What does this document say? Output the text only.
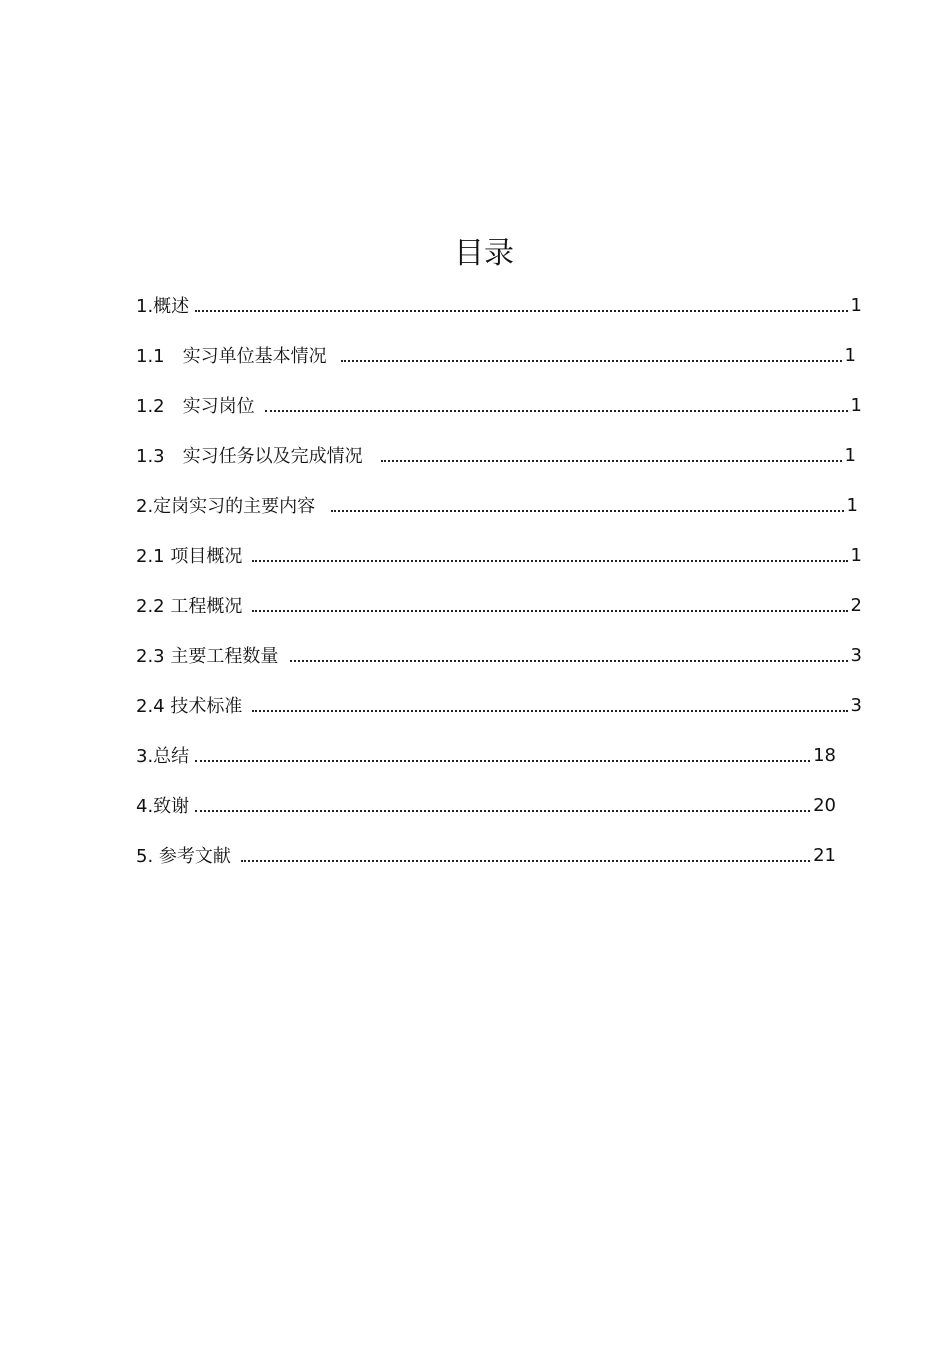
目录
1.概述	1
1.1　实习单位基本情况	1
1.2　实习岗位	1
1.3　实习任务以及完成情况	1
2.定岗实习的主要内容	1
2.1 项目概况	1
2.2 工程概况	2
2.3 主要工程数量	3
2.4 技术标准	3
3.总结	18
4.致谢	20
5. 参考文献	21
